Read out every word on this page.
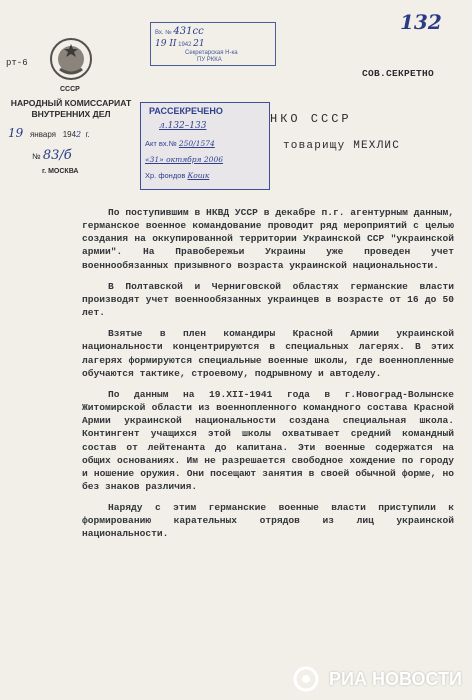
рт-6
СССР
НАРОДНЫЙ КОМИССАРИАТ
ВНУТРЕННИХ ДЕЛ
19 января 1942 г.
№ 83/б
г. МОСКВА
Вх. № 431сс
19 II 1942 21
Секретарская Н-ка
ПУ РККА
132
СОВ.СЕКРЕТНО
РАССЕКРЕЧЕНО
л.132–133
Акт вх.№ 250/1574
«31» октября 2006
Хр. фондов Кошк
НКО СССР
товарищу МЕХЛИС

По поступившим в НКВД УССР в декабре п.г. агентурным данным, германское военное командование проводит ряд мероприятий с целью создания на оккупированной территории Украинской ССР "украинской армии". На Правобережьи Украины уже проведен учет военнообязанных призывного возраста украинской национальности.

В Полтавской и Черниговской областях германские власти производят учет военнообязанных украинцев в возрасте от 16 до 50 лет.

Взятые в плен командиры Красной Армии украинской национальности концентрируются в специальных лагерях. В этих лагерях формируются специальные военные школы, где военнопленные обучаются тактике, строевому, подрывному и автоделу.

По данным на 19.XII-1941 года в г.Новоград-Волынске Житомирской области из военнопленного командного состава Красной Армии украинской национальности создана специальная школа. Контингент учащихся этой школы охватывает средний командный состав от лейтенанта до капитана. Эти военные содержатся на общих основаниях. Им не разрешается свободное хождение по городу и ношение оружия. Они посещают занятия в своей обычной форме, но без знаков различия.

Наряду с этим германские военные власти приступили к формированию карательных отрядов из лиц украинской национальности.

РИА НОВОСТИ
